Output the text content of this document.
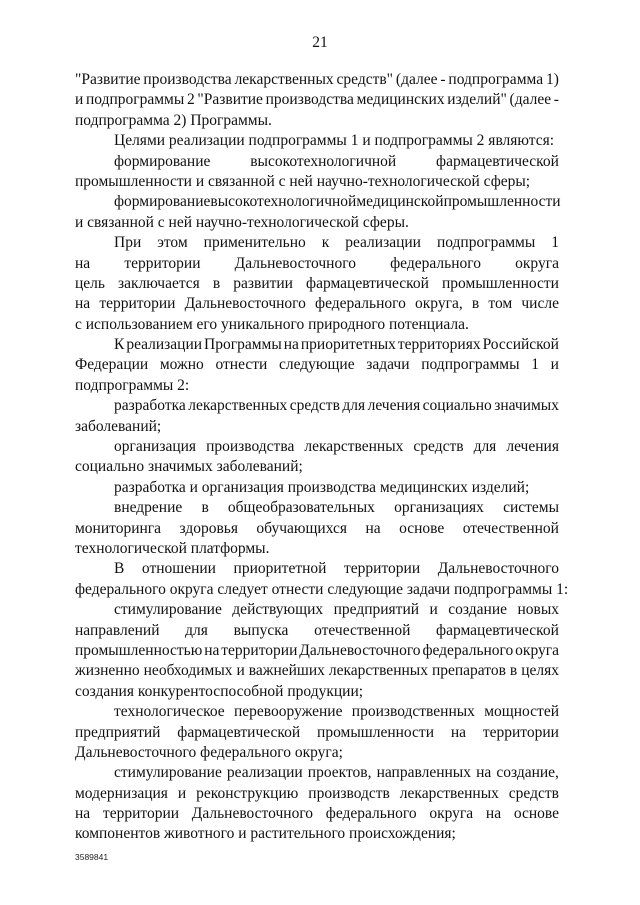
21
"Развитие производства лекарственных средств" (далее - подпрограмма 1)
и подпрограммы 2 "Развитие производства медицинских изделий" (далее -
подпрограмма 2) Программы.
Целями реализации подпрограммы 1 и подпрограммы 2 являются:
формирование	высокотехнологичной	фармацевтической
промышленности и связанной с ней научно-технологической сферы;
формирование высокотехнологичной медицинской промышленности
и связанной с ней научно-технологической сферы.
При этом применительно к реализации подпрограммы 1
на территории Дальневосточного федерального округа
цель заключается в развитии фармацевтической промышленности
на территории Дальневосточного федерального округа, в том числе
с использованием его уникального природного потенциала.
К реализации Программы на приоритетных территориях Российской
Федерации можно отнести следующие задачи подпрограммы 1 и
подпрограммы 2:
разработка лекарственных средств для лечения социально значимых
заболеваний;
организация производства лекарственных средств для лечения
социально значимых заболеваний;
разработка и организация производства медицинских изделий;
внедрение в общеобразовательных организациях системы
мониторинга здоровья обучающихся на основе отечественной
технологической платформы.
В отношении приоритетной территории Дальневосточного
федерального округа следует отнести следующие задачи подпрограммы 1:
стимулирование действующих предприятий и создание новых
направлений для выпуска отечественной фармацевтической
промышленностью на территории Дальневосточного федерального округа
жизненно необходимых и важнейших лекарственных препаратов в целях
создания конкурентоспособной продукции;
технологическое перевооружение производственных мощностей
предприятий фармацевтической промышленности на территории
Дальневосточного федерального округа;
стимулирование реализации проектов, направленных на создание,
модернизация и реконструкцию производств лекарственных средств
на территории Дальневосточного федерального округа на основе
компонентов животного и растительного происхождения;
3589841
